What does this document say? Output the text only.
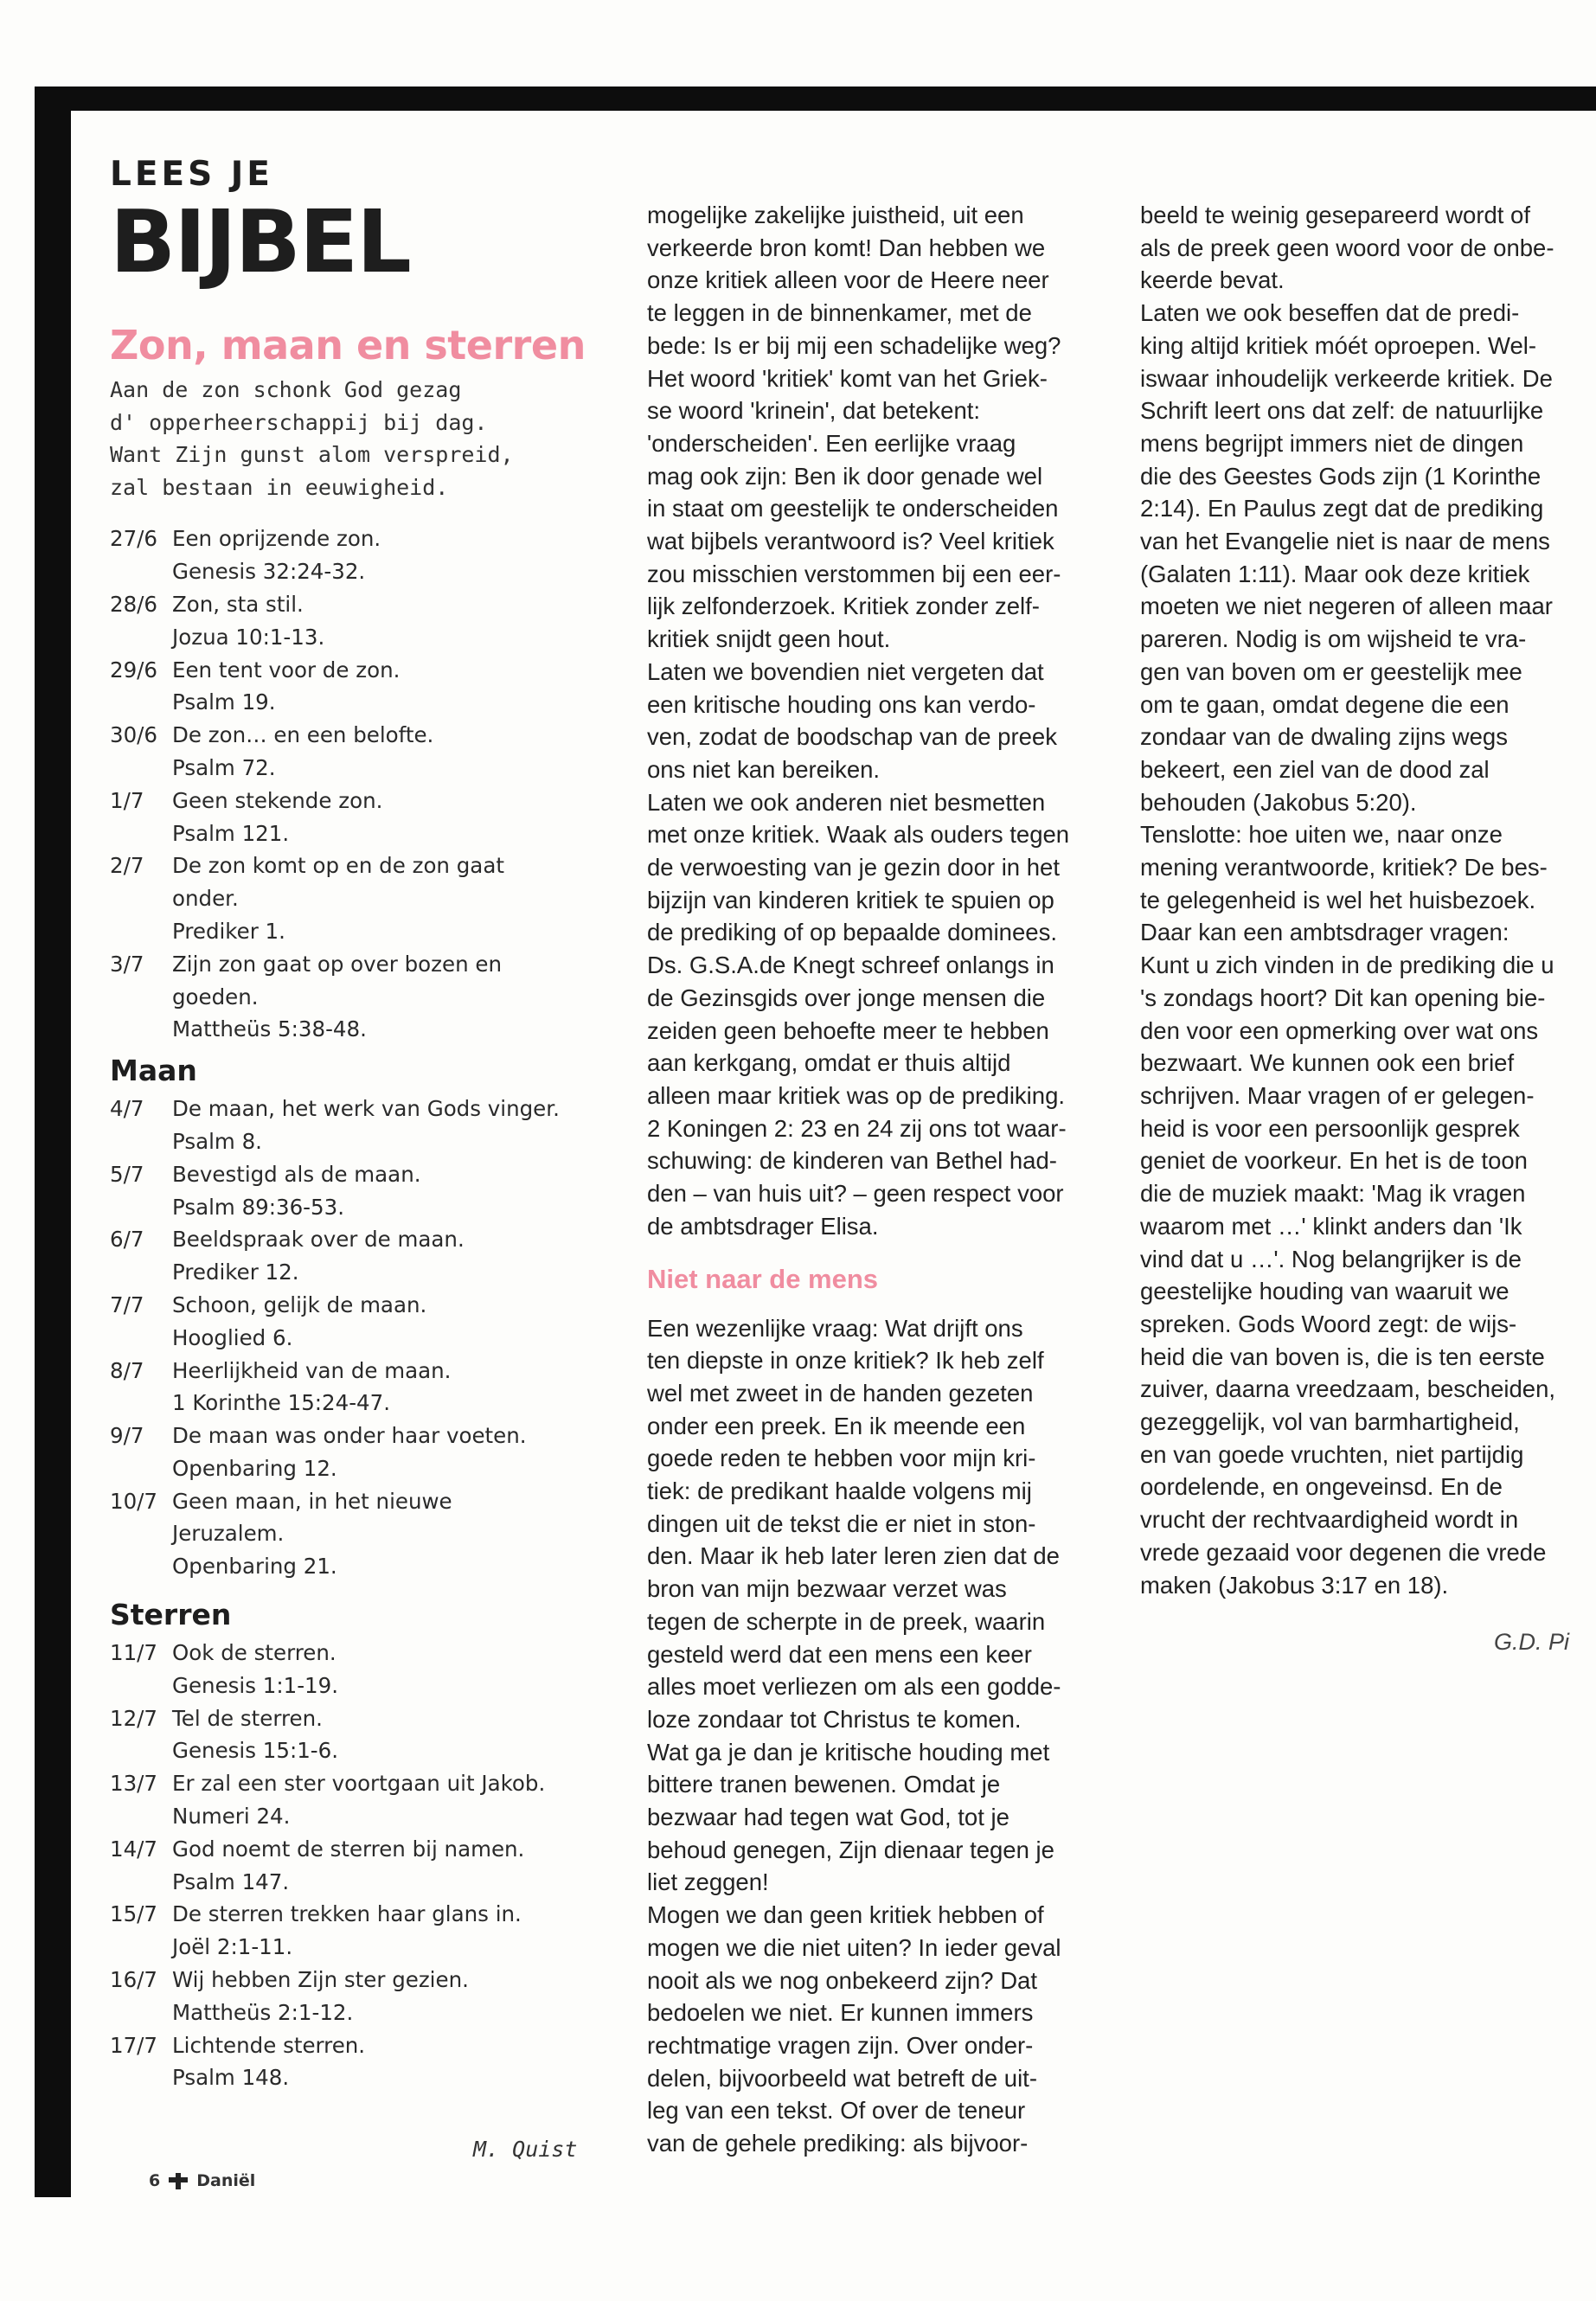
LEES JE

BIJBEL

Zon, maan en sterren

Aan de zon schonk God gezag
d' opperheerschappij bij dag.
Want Zijn gunst alom verspreid,
zal bestaan in eeuwigheid.
27/6 Een oprijzende zon.
Genesis 32:24-32.
28/6 Zon, sta stil.
Jozua 10:1-13.
29/6 Een tent voor de zon.
Psalm 19.
30/6 De zon… en een belofte.
Psalm 72.
1/7	Geen stekende zon.
Psalm 121.
2/7	De zon komt op en de zon gaat
onder.
Prediker 1.
3/7	Zijn zon gaat op over bozen en
goeden.
Mattheüs 5:38-48.

Maan

4/7	De maan, het werk van Gods vinger.
Psalm 8.
5/7	Bevestigd als de maan.
Psalm 89:36-53.
6/7	Beeldspraak over de maan.
Prediker 12.
7/7	Schoon, gelijk de maan.
Hooglied 6.
8/7	Heerlijkheid van de maan.
1 Korinthe 15:24-47.
9/7	De maan was onder haar voeten.
Openbaring 12.
10/7 Geen maan, in het nieuwe
Jeruzalem.
Openbaring 21.

Sterren

11/7 Ook de sterren.
Genesis 1:1-19.
12/7 Tel de sterren.
Genesis 15:1-6.
13/7 Er zal een ster voortgaan uit Jakob.
Numeri 24.
14/7 God noemt de sterren bij namen.
Psalm 147.
15/7 De sterren trekken haar glans in.
Joël 2:1-11.
16/7 Wij hebben Zijn ster gezien.
Mattheüs 2:1-12.
17/7 Lichtende sterren.
Psalm 148.
M. Quist
6 Daniël
mogelijke zakelijke juistheid, uit een
verkeerde bron komt! Dan hebben we
onze kritiek alleen voor de Heere neer
te leggen in de binnenkamer, met de
bede: Is er bij mij een schadelijke weg?
Het woord 'kritiek' komt van het Griek-
se woord 'krinein', dat betekent:
'onderscheiden'. Een eerlijke vraag
mag ook zijn: Ben ik door genade wel
in staat om geestelijk te onderscheiden
wat bijbels verantwoord is? Veel kritiek
zou misschien verstommen bij een eer-
lijk zelfonderzoek. Kritiek zonder zelf-
kritiek snijdt geen hout.
Laten we bovendien niet vergeten dat
een kritische houding ons kan verdo-
ven, zodat de boodschap van de preek
ons niet kan bereiken.
Laten we ook anderen niet besmetten
met onze kritiek. Waak als ouders tegen
de verwoesting van je gezin door in het
bijzijn van kinderen kritiek te spuien op
de prediking of op bepaalde dominees.
Ds. G.S.A.de Knegt schreef onlangs in
de Gezinsgids over jonge mensen die
zeiden geen behoefte meer te hebben
aan kerkgang, omdat er thuis altijd
alleen maar kritiek was op de prediking.
2 Koningen 2: 23 en 24 zij ons tot waar-
schuwing: de kinderen van Bethel had-
den – van huis uit? – geen respect voor
de ambtsdrager Elisa.

Niet naar de mens

Een wezenlijke vraag: Wat drijft ons
ten diepste in onze kritiek? Ik heb zelf
wel met zweet in de handen gezeten
onder een preek. En ik meende een
goede reden te hebben voor mijn kri-
tiek: de predikant haalde volgens mij
dingen uit de tekst die er niet in ston-
den. Maar ik heb later leren zien dat de
bron van mijn bezwaar verzet was
tegen de scherpte in de preek, waarin
gesteld werd dat een mens een keer
alles moet verliezen om als een godde-
loze zondaar tot Christus te komen.
Wat ga je dan je kritische houding met
bittere tranen bewenen. Omdat je
bezwaar had tegen wat God, tot je
behoud genegen, Zijn dienaar tegen je
liet zeggen!
Mogen we dan geen kritiek hebben of
mogen we die niet uiten? In ieder geval
nooit als we nog onbekeerd zijn? Dat
bedoelen we niet. Er kunnen immers
rechtmatige vragen zijn. Over onder-
delen, bijvoorbeeld wat betreft de uit-
leg van een tekst. Of over de teneur
van de gehele prediking: als bijvoor-
beeld te weinig gesepareerd wordt of
als de preek geen woord voor de onbe-
keerde bevat.
Laten we ook beseffen dat de predi-
king altijd kritiek móét oproepen. Wel-
iswaar inhoudelijk verkeerde kritiek. De
Schrift leert ons dat zelf: de natuurlijke
mens begrijpt immers niet de dingen
die des Geestes Gods zijn (1 Korinthe
2:14). En Paulus zegt dat de prediking
van het Evangelie niet is naar de mens
(Galaten 1:11). Maar ook deze kritiek
moeten we niet negeren of alleen maar
pareren. Nodig is om wijsheid te vra-
gen van boven om er geestelijk mee
om te gaan, omdat degene die een
zondaar van de dwaling zijns wegs
bekeert, een ziel van de dood zal
behouden (Jakobus 5:20).
Tenslotte: hoe uiten we, naar onze
mening verantwoorde, kritiek? De bes-
te gelegenheid is wel het huisbezoek.
Daar kan een ambtsdrager vragen:
Kunt u zich vinden in de prediking die u
's zondags hoort? Dit kan opening bie-
den voor een opmerking over wat ons
bezwaart. We kunnen ook een brief
schrijven. Maar vragen of er gelegen-
heid is voor een persoonlijk gesprek
geniet de voorkeur. En het is de toon
die de muziek maakt: 'Mag ik vragen
waarom met …' klinkt anders dan 'Ik
vind dat u …'. Nog belangrijker is de
geestelijke houding van waaruit we
spreken. Gods Woord zegt: de wijs-
heid die van boven is, die is ten eerste
zuiver, daarna vreedzaam, bescheiden,
gezeggelijk, vol van barmhartigheid,
en van goede vruchten, niet partijdig
oordelende, en ongeveinsd. En de
vrucht der rechtvaardigheid wordt in
vrede gezaaid voor degenen die vrede
maken (Jakobus 3:17 en 18).
G.D. Pi
